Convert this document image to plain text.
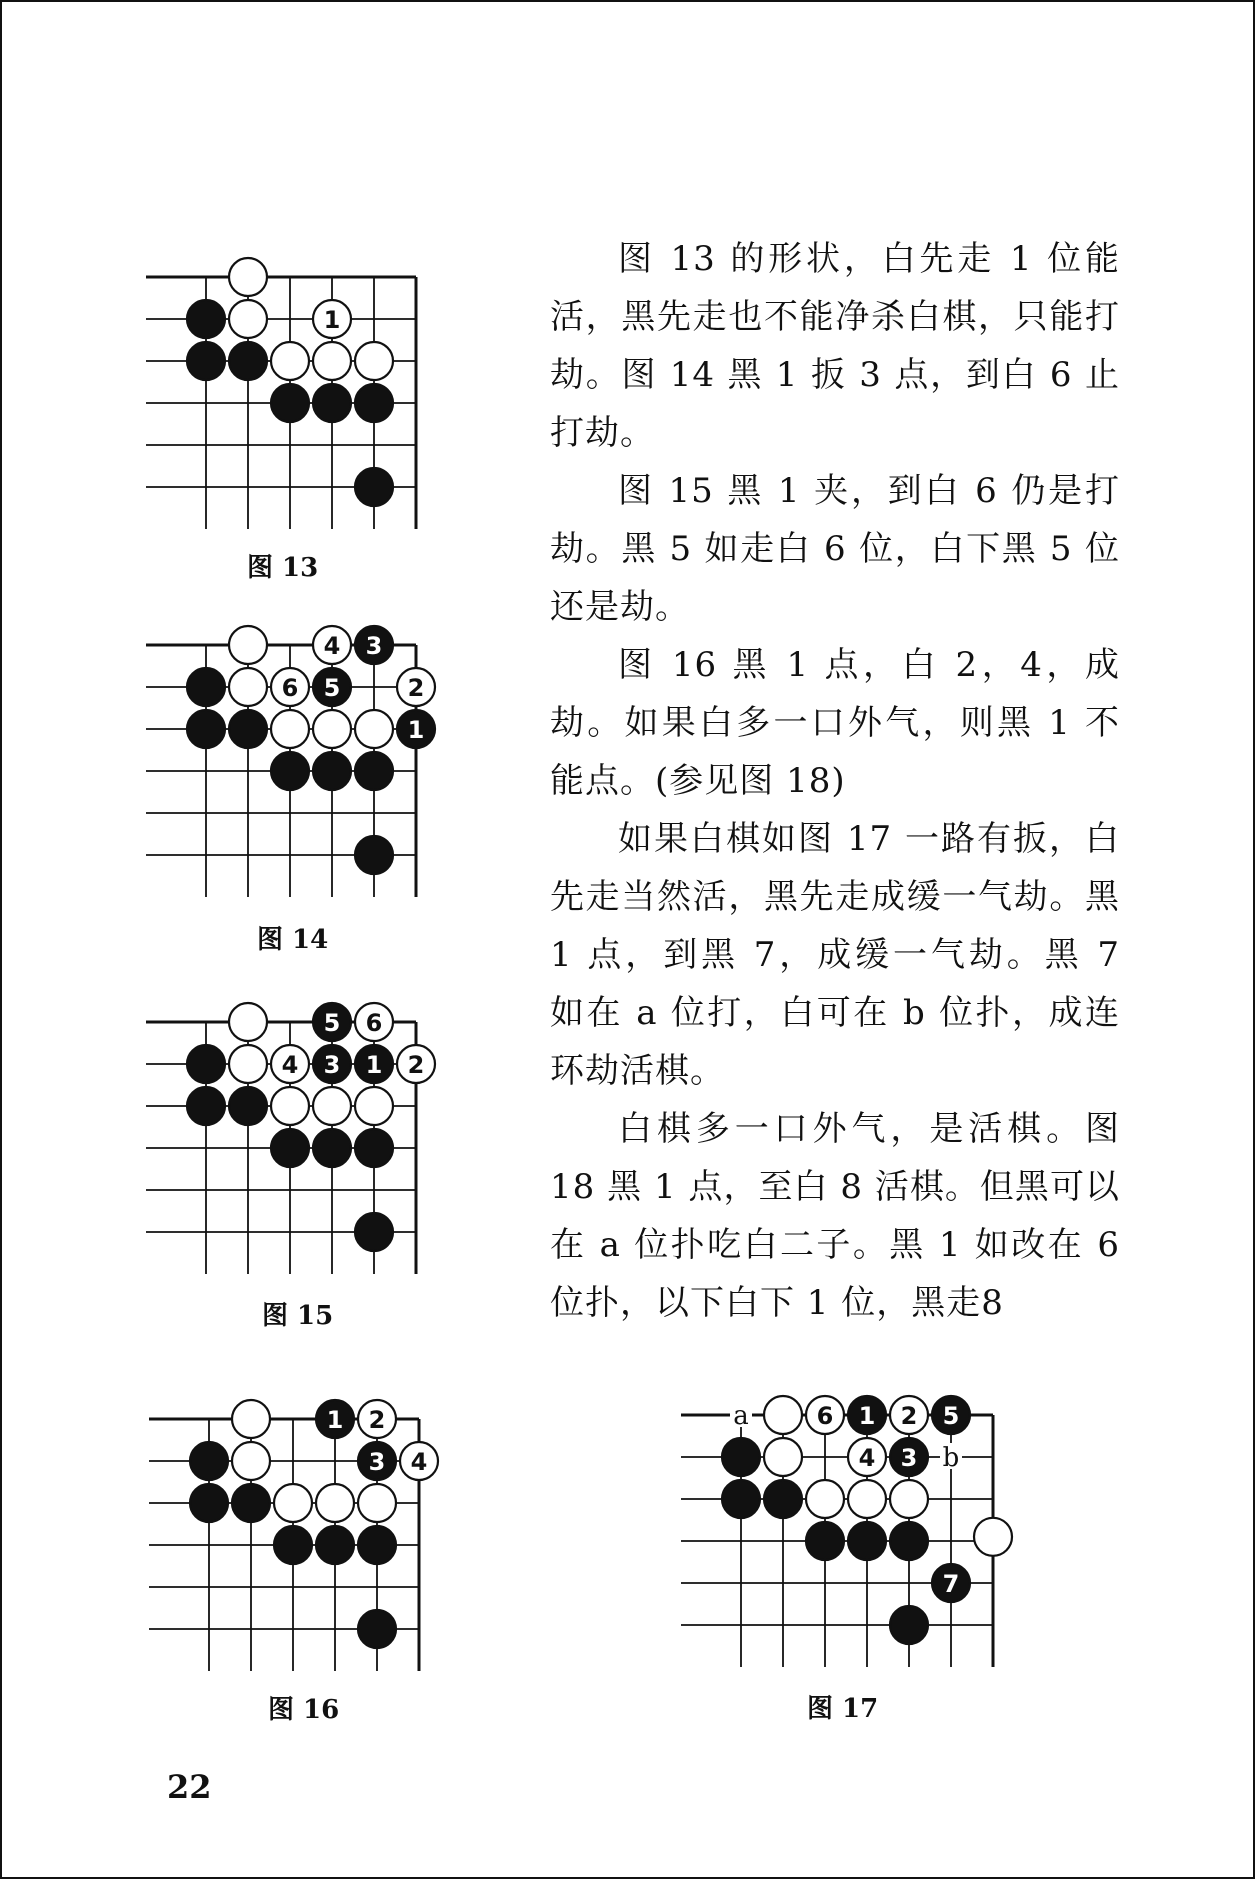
1
图 13
4 3
6 5	2
1
图 14
5 6
4 3 1 2
图 15
1 2
3 4
图 16
a
b
6 1 2 5
4 3
7
图 17

图 13 的形状，白先走 1 位能活，黑先走也不能净杀白棋，只能打劫。图 14 黑 1 扳 3 点，到白 6 止打劫。

图 15 黑 1 夹，到白 6 仍是打劫。黑 5 如走白 6 位，白下黑 5 位还是劫。

图 16 黑 1 点，白 2，4，成劫。如果白多一口外气，则黑 1 不能点。(参见图 18)

如果白棋如图 17 一路有扳，白先走当然活，黑先走成缓一气劫。黑 1 点，到黑 7，成缓一气劫。黑 7 如在 a 位打，白可在 b 位扑，成连环劫活棋。

白棋多一口外气，是活棋。图 18 黑 1 点，至白 8 活棋。但黑可以在 a 位扑吃白二子。黑 1 如改在 6 位扑，以下白下 1 位，黑走8

22
